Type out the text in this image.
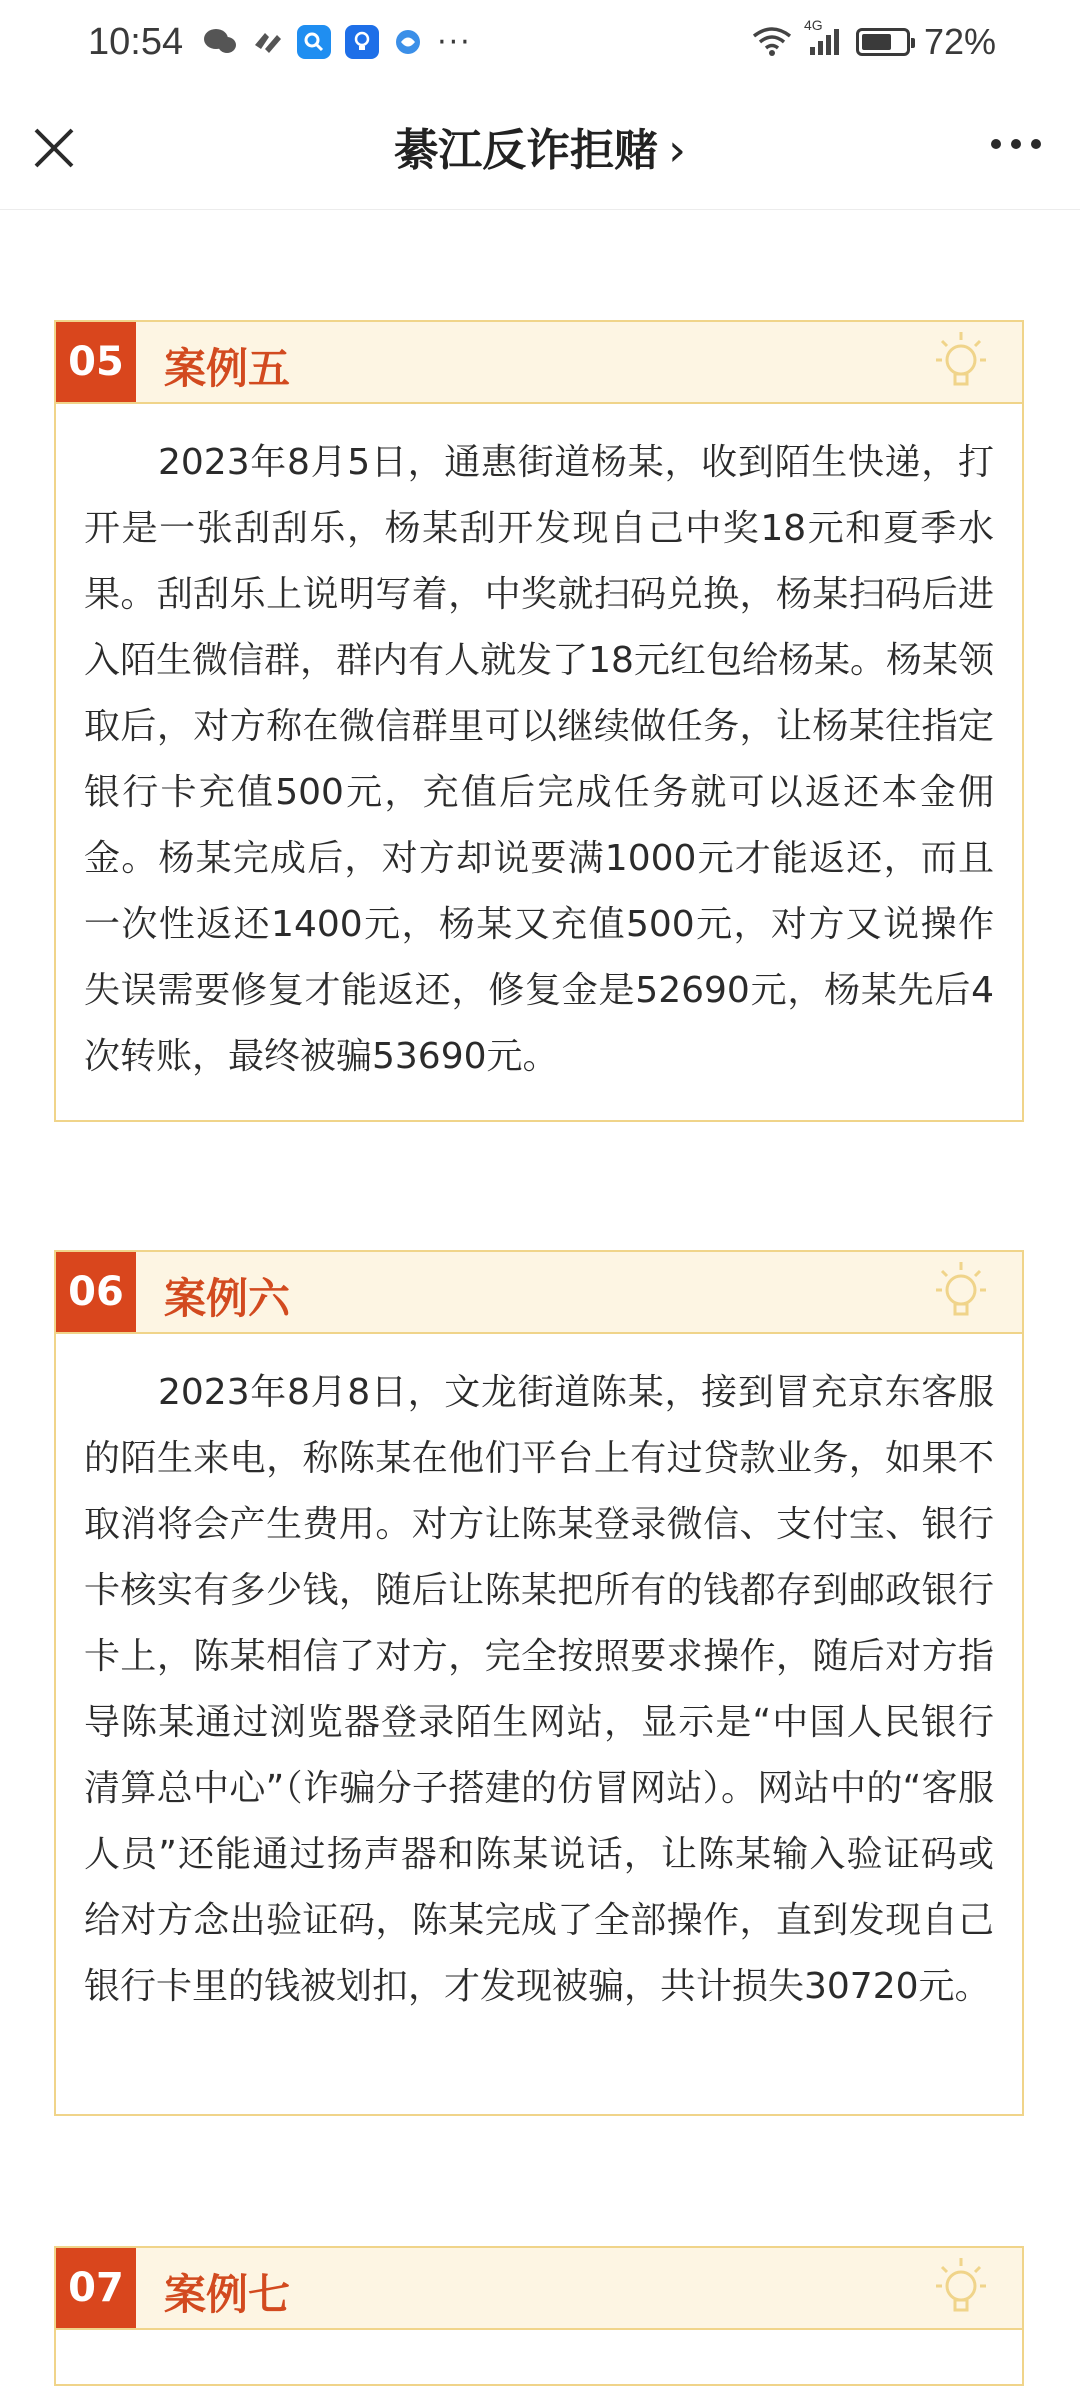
10:54	···	4G	72%
綦江反诈拒赌 ›
05 案例五
2023年8月5日，通惠街道杨某，收到陌生快递，打开是一张刮刮乐，杨某刮开发现自己中奖18元和夏季水果。刮刮乐上说明写着，中奖就扫码兑换，杨某扫码后进入陌生微信群，群内有人就发了18元红包给杨某。杨某领取后，对方称在微信群里可以继续做任务，让杨某往指定银行卡充值500元，充值后完成任务就可以返还本金佣金。杨某完成后，对方却说要满1000元才能返还，而且一次性返还1400元，杨某又充值500元，对方又说操作失误需要修复才能返还，修复金是52690元，杨某先后4次转账，最终被骗53690元。
06 案例六
2023年8月8日，文龙街道陈某，接到冒充京东客服的陌生来电，称陈某在他们平台上有过贷款业务，如果不取消将会产生费用。对方让陈某登录微信、支付宝、银行卡核实有多少钱，随后让陈某把所有的钱都存到邮政银行卡上，陈某相信了对方，完全按照要求操作，随后对方指导陈某通过浏览器登录陌生网站，显示是“中国人民银行清算总中心”（诈骗分子搭建的仿冒网站）。网站中的“客服人员”还能通过扬声器和陈某说话，让陈某输入验证码或给对方念出验证码，陈某完成了全部操作，直到发现自己银行卡里的钱被划扣，才发现被骗，共计损失30720元。
07 案例七
